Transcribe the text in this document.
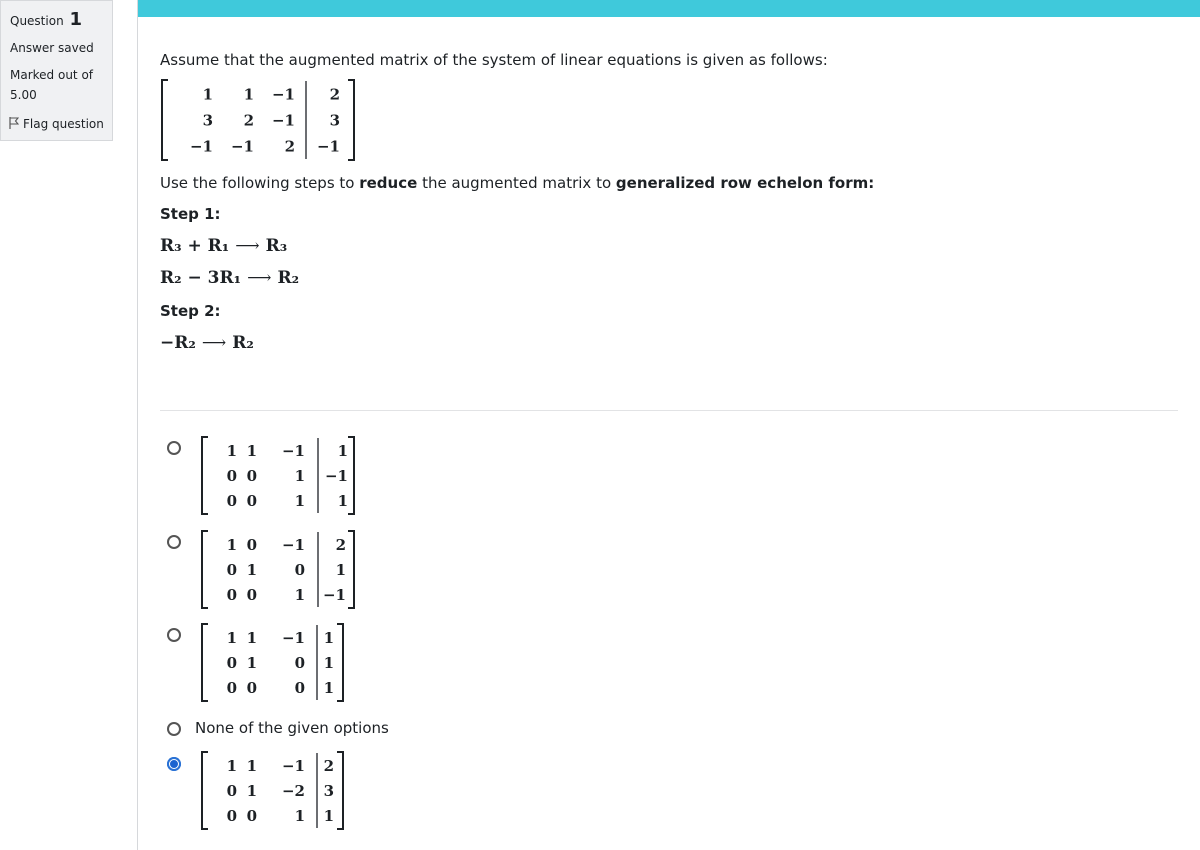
Question 1
Answer saved
Marked out of
5.00
Flag question
Assume that the augmented matrix of the system of linear equations is given as follows:
1 1 −1 2
3 2 −1 3
−1 −1 2 −1
Use the following steps to reduce the augmented matrix to generalized row echelon form:
Step 1:
R₃ + R₁ ⟶ R₃
R₂ − 3R₁ ⟶ R₂
Step 2:
−R₂ ⟶ R₂
1 1 −1 1
0 0	1 −1
0 0	1 1
1 0 −1 2
0 1	0 1
0 0	1 −1
1 1 −1 1
0 1	0 1
0 0	0 1
None of the given options
1 1 −1 2
0 1 −2 3
0 0	1 1
